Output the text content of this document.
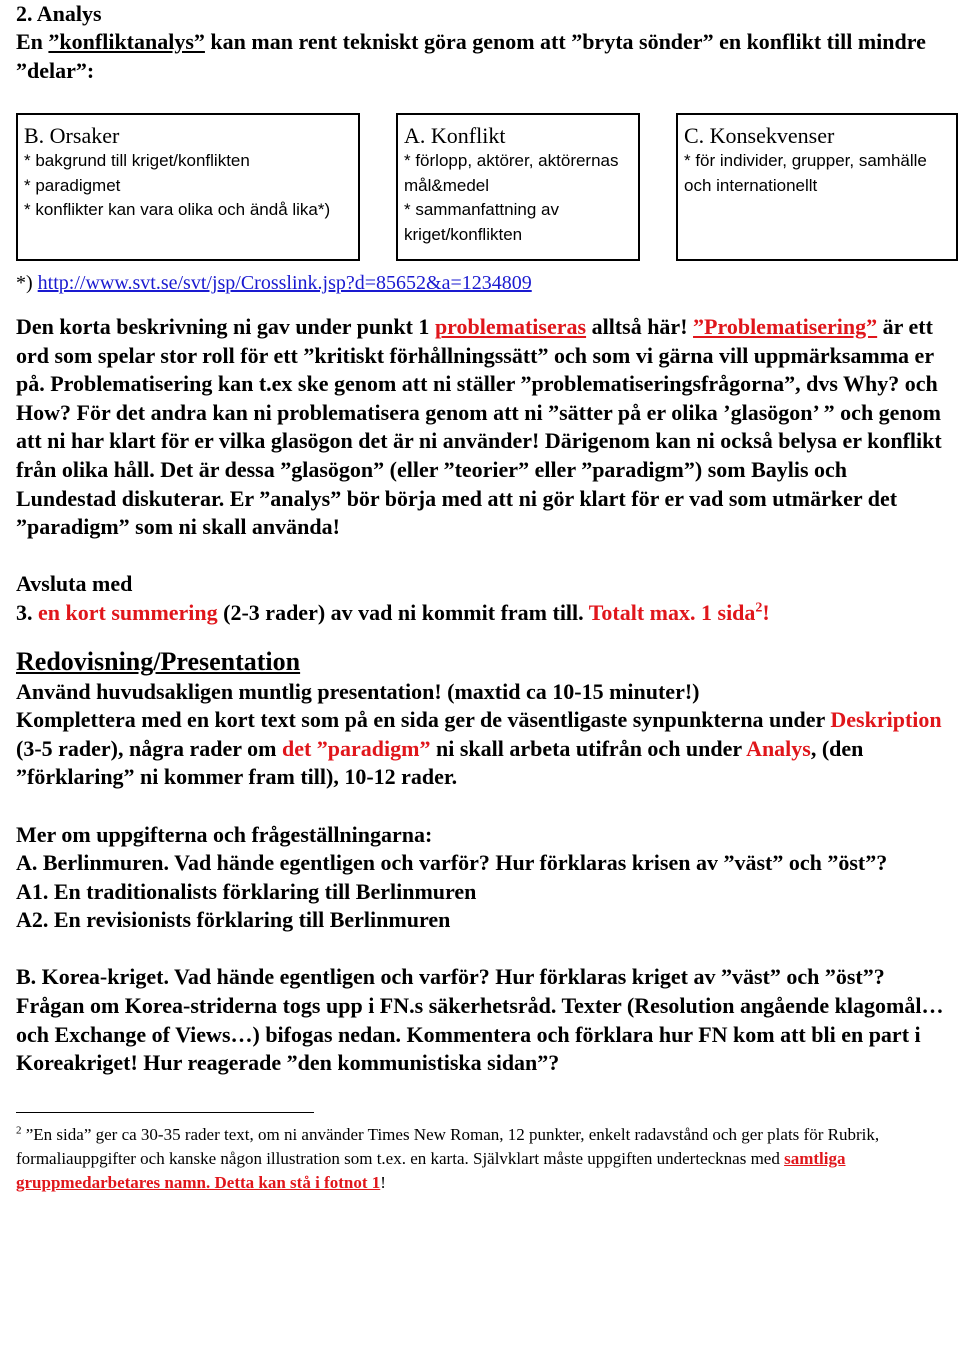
2. Analys

En ”konfliktanalys” kan man rent tekniskt göra genom att ”bryta sönder” en konflikt till mindre ”delar”:

B. Orsaker
* bakgrund till kriget/konflikten
* paradigmet
* konflikter kan vara olika och ändå lika*)
A. Konflikt
* förlopp, aktörer, aktörernas mål&medel
* sammanfattning av kriget/konflikten
C. Konsekvenser
* för individer, grupper, samhälle och internationellt

*) http://www.svt.se/svt/jsp/Crosslink.jsp?d=85652&a=1234809

Den korta beskrivning ni gav under punkt 1 problematiseras alltså här! ”Problematisering” är ett ord som spelar stor roll för ett ”kritiskt förhållningssätt” och som vi gärna vill uppmärksamma er på. Problematisering kan t.ex ske genom att ni ställer ”problematiseringsfrågorna”, dvs Why? och How? För det andra kan ni problematisera genom att ni ”sätter på er olika ’glasögon’ ” och genom att ni har klart för er vilka glasögon det är ni använder! Därigenom kan ni också belysa er konflikt från olika håll. Det är dessa ”glasögon” (eller ”teorier” eller ”paradigm”) som Baylis och Lundestad diskuterar. Er ”analys” bör börja med att ni gör klart för er vad som utmärker det ”paradigm” som ni skall använda!

Avsluta med

3. en kort summering (2-3 rader) av vad ni kommit fram till. Totalt max. 1 sida$^2$!

Redovisning/Presentation

Använd huvudsakligen muntlig presentation! (maxtid ca 10-15 minuter!)

Komplettera med en kort text som på en sida ger de väsentligaste synpunkterna under Deskription (3-5 rader), några rader om det ”paradigm” ni skall arbeta utifrån och under Analys, (den ”förklaring” ni kommer fram till), 10-12 rader.

Mer om uppgifterna och frågeställningarna:

A. Berlinmuren. Vad hände egentligen och varför? Hur förklaras krisen av ”väst” och ”öst”?

A1. En traditionalists förklaring till Berlinmuren

A2. En revisionists förklaring till Berlinmuren

B. Korea-kriget. Vad hände egentligen och varför? Hur förklaras kriget av ”väst” och ”öst”?

Frågan om Korea-striderna togs upp i FN.s säkerhetsråd. Texter (Resolution angående klagomål… och Exchange of Views…) bifogas nedan. Kommentera och förklara hur FN kom att bli en part i Koreakriget! Hur reagerade ”den kommunistiska sidan”?

$^2$ ”En sida” ger ca 30-35 rader text, om ni använder Times New Roman, 12 punkter, enkelt radavstånd och ger plats för Rubrik, formaliauppgifter och kanske någon illustration som t.ex. en karta. Självklart måste uppgiften undertecknas med samtliga gruppmedarbetares namn. Detta kan stå i fotnot 1!
